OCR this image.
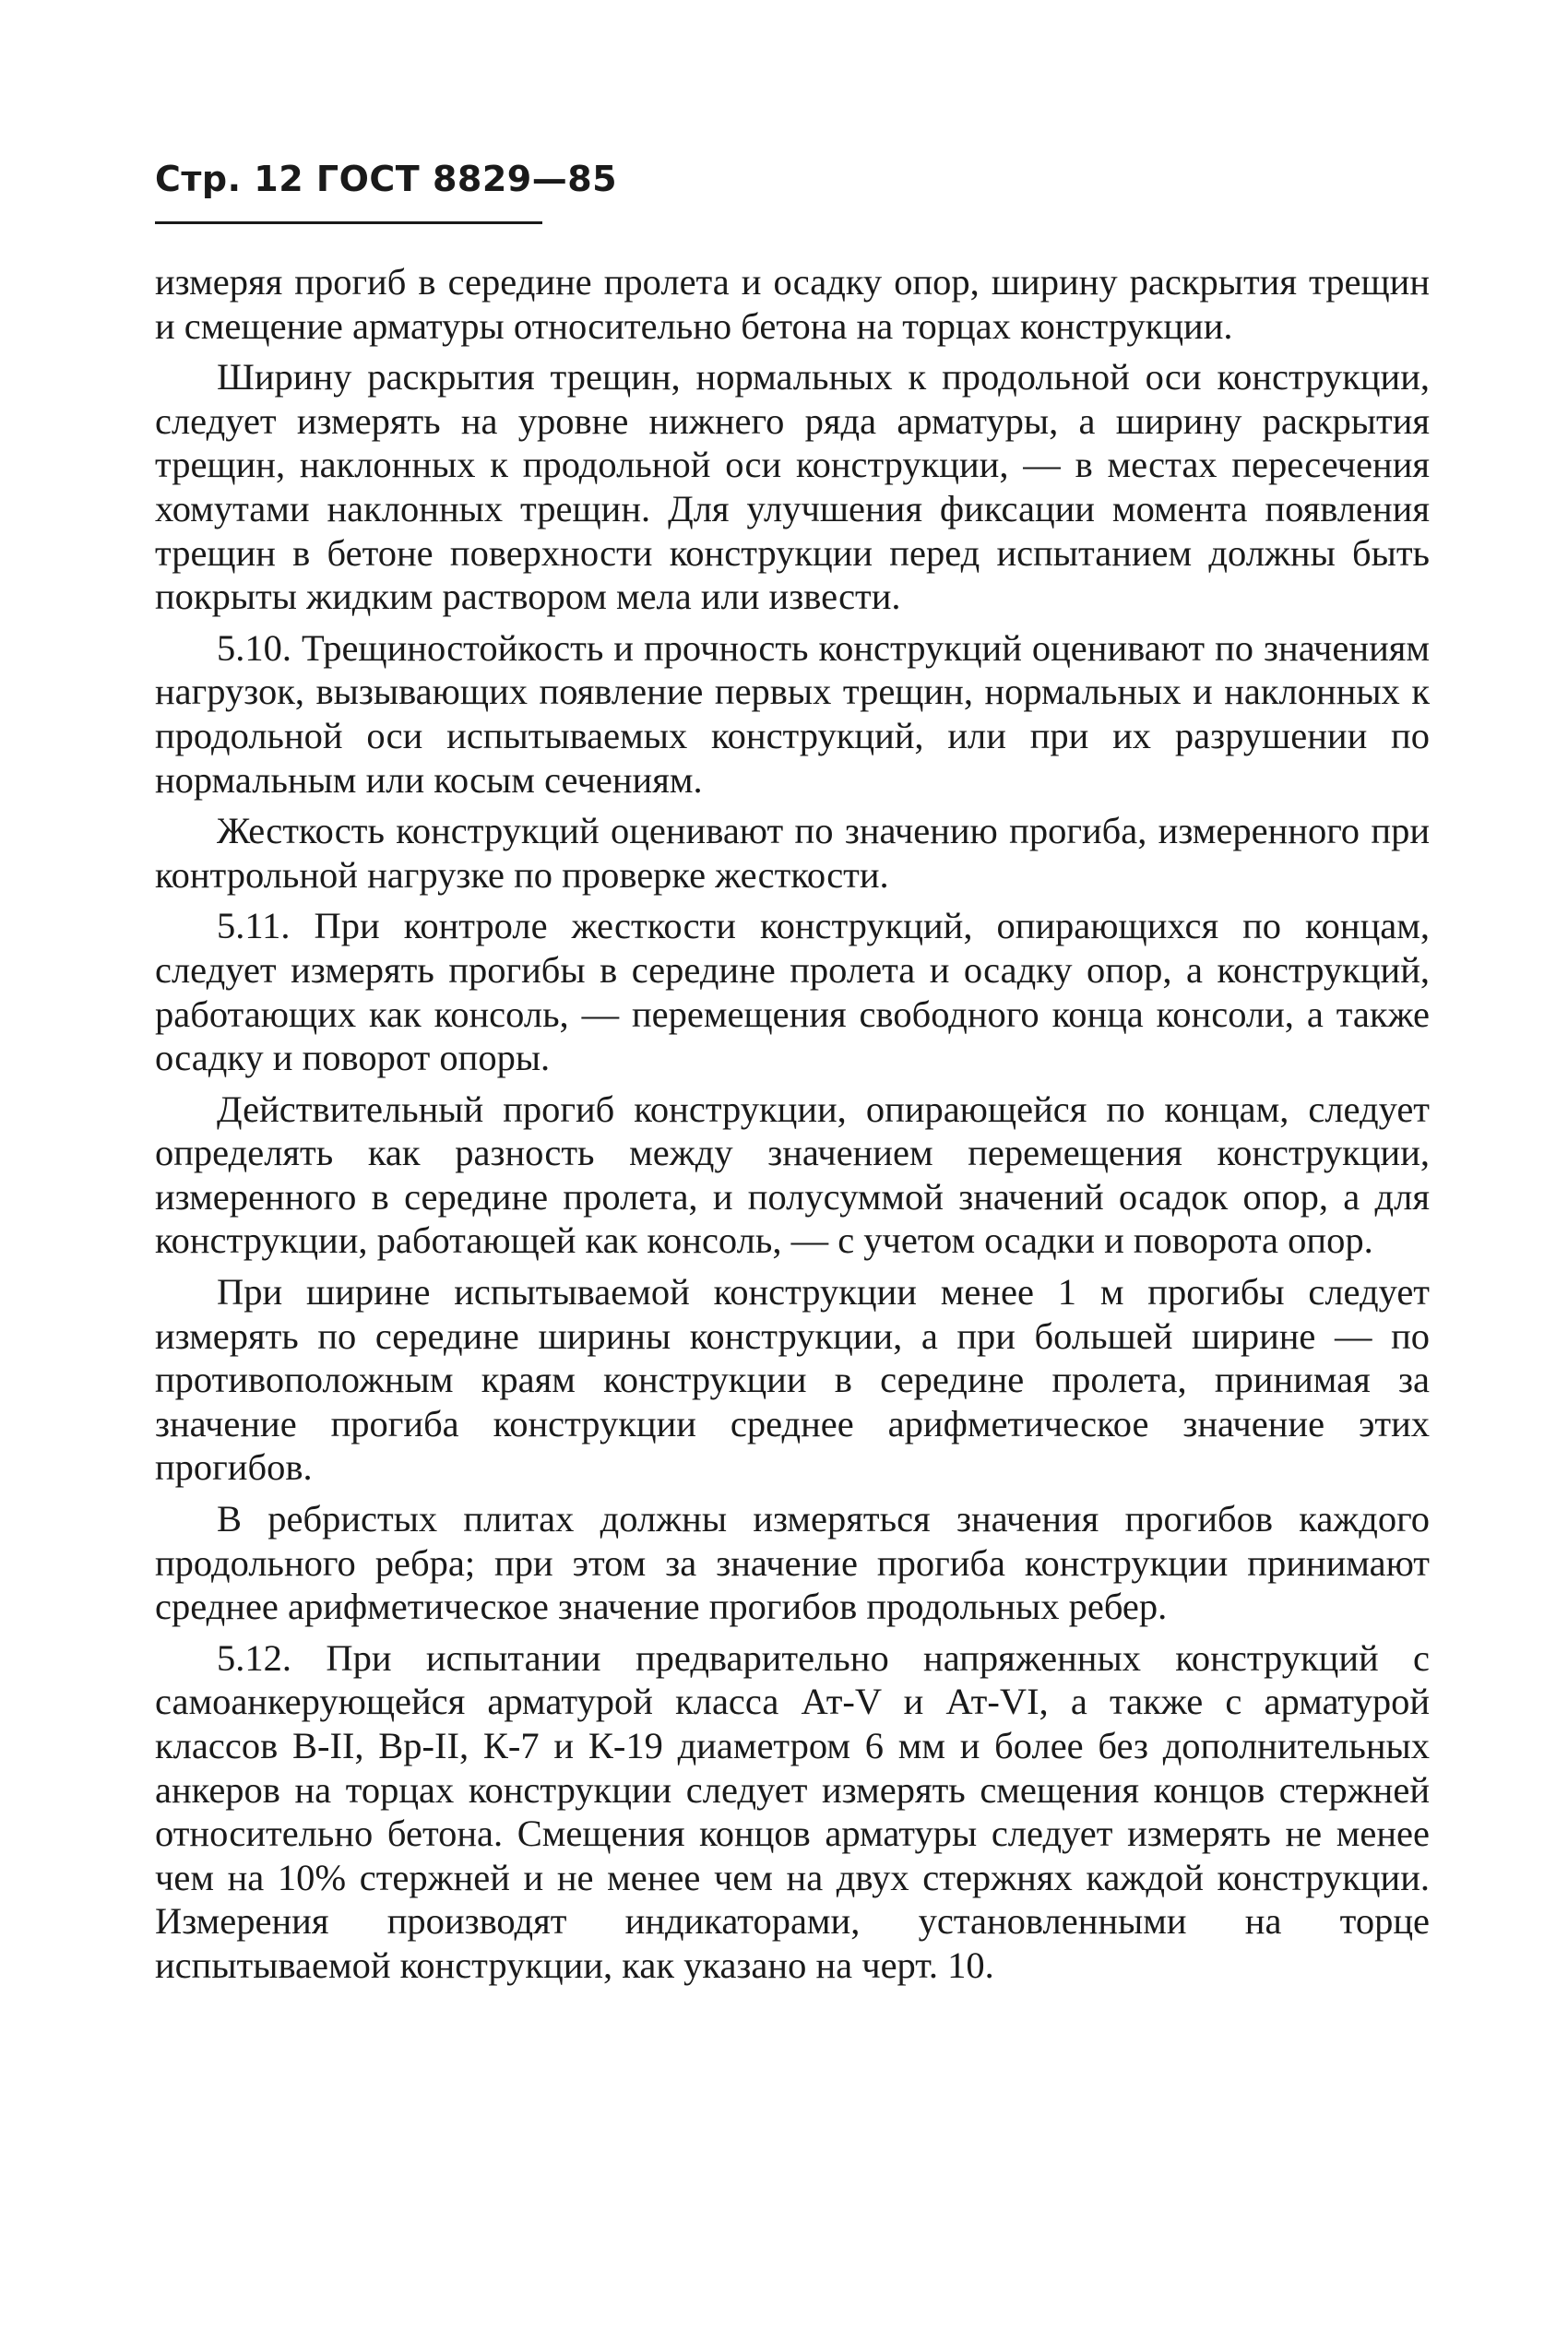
Стр. 12 ГОСТ 8829—85

измеряя прогиб в середине пролета и осадку опор, ширину раскрытия трещин и смещение арматуры относительно бетона на торцах конструкции.

Ширину раскрытия трещин, нормальных к продольной оси конструкции, следует измерять на уровне нижнего ряда арматуры, а ширину раскрытия трещин, наклонных к продольной оси конструкции, — в местах пересечения хомутами наклонных трещин. Для улучшения фиксации момента появления трещин в бетоне поверхности конструкции перед испытанием должны быть покрыты жидким раствором мела или извести.

5.10. Трещиностойкость и прочность конструкций оценивают по значениям нагрузок, вызывающих появление первых трещин, нормальных и наклонных к продольной оси испытываемых конструкций, или при их разрушении по нормальным или косым сечениям.

Жесткость конструкций оценивают по значению прогиба, измеренного при контрольной нагрузке по проверке жесткости.

5.11. При контроле жесткости конструкций, опирающихся по концам, следует измерять прогибы в середине пролета и осадку опор, а конструкций, работающих как консоль, — перемещения свободного конца консоли, а также осадку и поворот опоры.

Действительный прогиб конструкции, опирающейся по концам, следует определять как разность между значением перемещения конструкции, измеренного в середине пролета, и полусуммой значений осадок опор, а для конструкции, работающей как консоль, — с учетом осадки и поворота опор.

При ширине испытываемой конструкции менее 1 м прогибы следует измерять по середине ширины конструкции, а при большей ширине — по противоположным краям конструкции в середине пролета, принимая за значение прогиба конструкции среднее арифметическое значение этих прогибов.

В ребристых плитах должны измеряться значения прогибов каждого продольного ребра; при этом за значение прогиба конструкции принимают среднее арифметическое значение прогибов продольных ребер.

5.12. При испытании предварительно напряженных конструкций с самоанкерующейся арматурой класса Ат-V и Ат-VI, а также с арматурой классов В-II, Вр-II, К-7 и К-19 диаметром 6 мм и более без дополнительных анкеров на торцах конструкции следует измерять смещения концов стержней относительно бетона. Смещения концов арматуры следует измерять не менее чем на 10% стержней и не менее чем на двух стержнях каждой конструкции. Измерения производят индикаторами, установленными на торце испытываемой конструкции, как указано на черт. 10.
